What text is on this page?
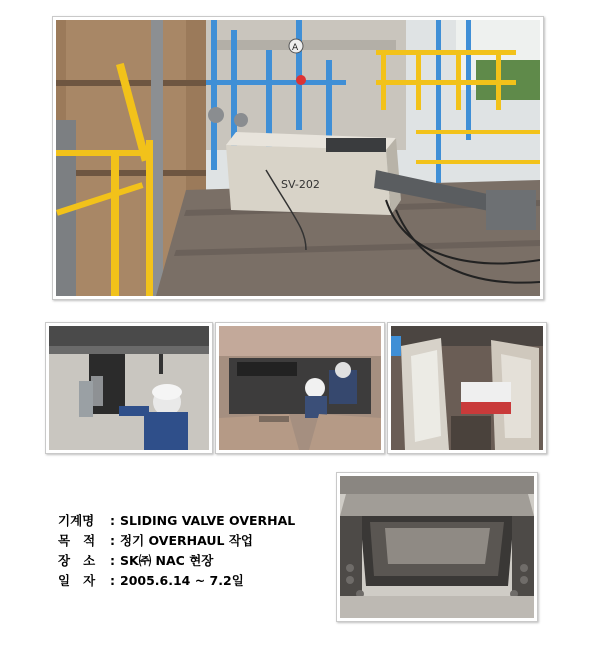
SV-202
A
기계명	: SLIDING VALVE OVERHAL
목   적	: 정기 OVERHAUL 작업
장   소	: SK㈜ NAC 현장
일   자	: 2005.6.14 ~ 7.2일
